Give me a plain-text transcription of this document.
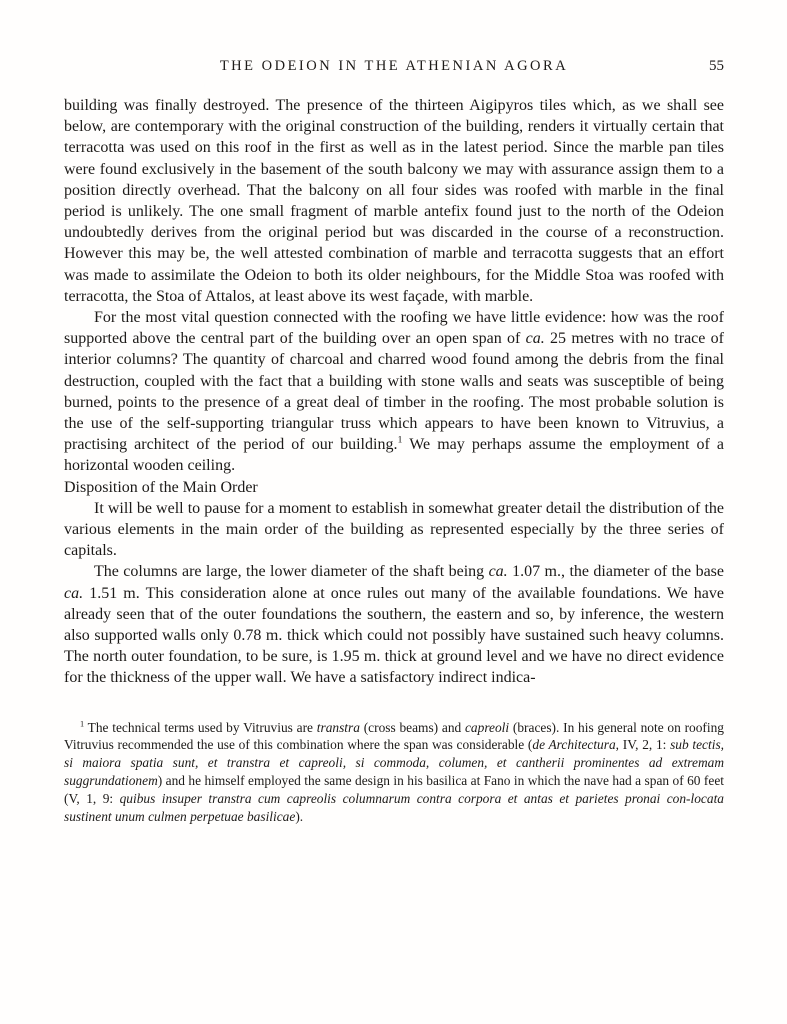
THE ODEION IN THE ATHENIAN AGORA	55

building was finally destroyed. The presence of the thirteen Aigipyros tiles which, as we shall see below, are contemporary with the original construction of the building, renders it virtually certain that terracotta was used on this roof in the first as well as in the latest period. Since the marble pan tiles were found exclusively in the basement of the south balcony we may with assurance assign them to a position directly overhead. That the balcony on all four sides was roofed with marble in the final period is unlikely. The one small fragment of marble antefix found just to the north of the Odeion undoubtedly derives from the original period but was discarded in the course of a reconstruction. However this may be, the well attested combination of marble and terracotta suggests that an effort was made to assimilate the Odeion to both its older neighbours, for the Middle Stoa was roofed with terracotta, the Stoa of Attalos, at least above its west façade, with marble.

For the most vital question connected with the roofing we have little evidence: how was the roof supported above the central part of the building over an open span of ca. 25 metres with no trace of interior columns? The quantity of charcoal and charred wood found among the debris from the final destruction, coupled with the fact that a building with stone walls and seats was susceptible of being burned, points to the presence of a great deal of timber in the roofing. The most probable solution is the use of the self-supporting triangular truss which appears to have been known to Vitruvius, a practising architect of the period of our building.$^1$ We may perhaps assume the employment of a horizontal wooden ceiling.

Disposition of the Main Order

It will be well to pause for a moment to establish in somewhat greater detail the distribution of the various elements in the main order of the building as represented especially by the three series of capitals.

The columns are large, the lower diameter of the shaft being ca. 1.07 m., the diameter of the base ca. 1.51 m. This consideration alone at once rules out many of the available foundations. We have already seen that of the outer foundations the southern, the eastern and so, by inference, the western also supported walls only 0.78 m. thick which could not possibly have sustained such heavy columns. The north outer foundation, to be sure, is 1.95 m. thick at ground level and we have no direct evidence for the thickness of the upper wall. We have a satisfactory indirect indica-

$^1$ The technical terms used by Vitruvius are transtra (cross beams) and capreoli (braces). In his general note on roofing Vitruvius recommended the use of this combination where the span was considerable (de Architectura, IV, 2, 1: sub tectis, si maiora spatia sunt, et transtra et capreoli, si commoda, columen, et cantherii prominentes ad extremam suggrundationem) and he himself employed the same design in his basilica at Fano in which the nave had a span of 60 feet (V, 1, 9: quibus insuper transtra cum capreolis columnarum contra corpora et antas et parietes pronai con-locata sustinent unum culmen perpetuae basilicae).
